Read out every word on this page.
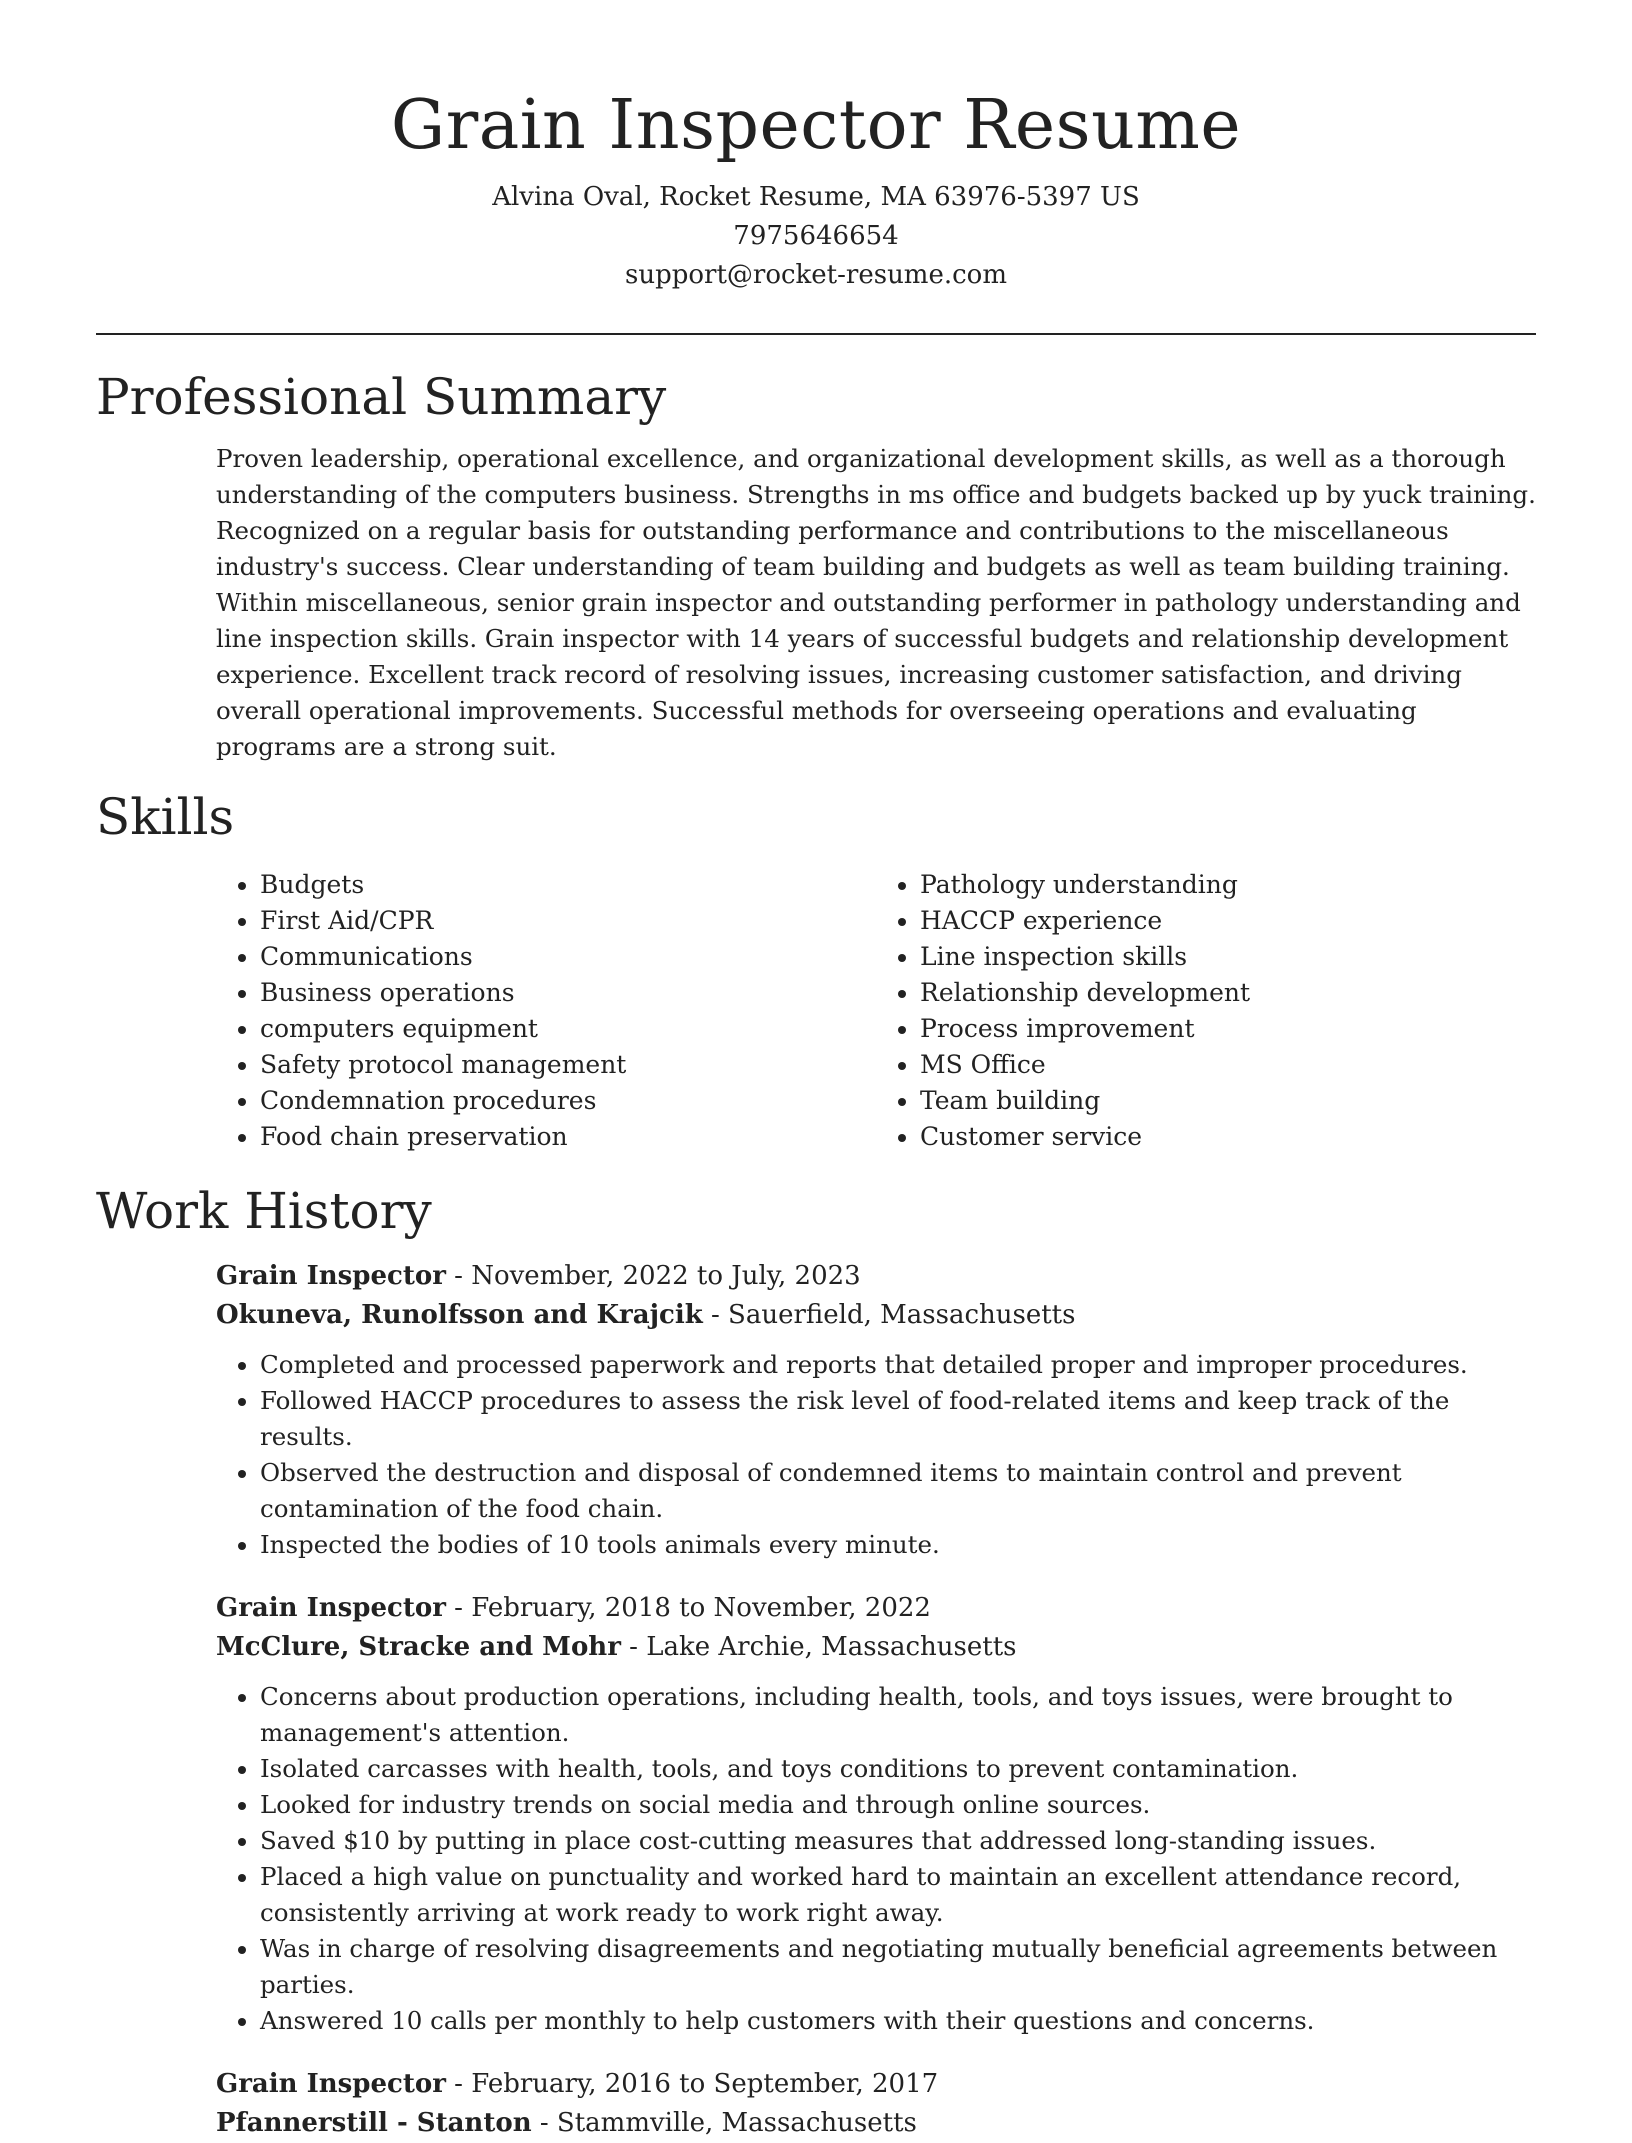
Grain Inspector Resume

Alvina Oval, Rocket Resume, MA 63976-5397 US

7975646654

support@rocket-resume.com

Professional Summary

Proven leadership, operational excellence, and organizational development skills, as well as a thorough understanding of the computers business. Strengths in ms office and budgets backed up by yuck training. Recognized on a regular basis for outstanding performance and contributions to the miscellaneous industry's success. Clear understanding of team building and budgets as well as team building training. Within miscellaneous, senior grain inspector and outstanding performer in pathology understanding and line inspection skills. Grain inspector with 14 years of successful budgets and relationship development experience. Excellent track record of resolving issues, increasing customer satisfaction, and driving overall operational improvements. Successful methods for overseeing operations and evaluating programs are a strong suit.

Skills
• Budgets
• First Aid/CPR
• Communications
• Business operations
• computers equipment
• Safety protocol management
• Condemnation procedures
• Food chain preservation
• Pathology understanding
• HACCP experience
• Line inspection skills
• Relationship development
• Process improvement
• MS Office
• Team building
• Customer service
Work History

Grain Inspector - November, 2022 to July, 2023

Okuneva, Runolfsson and Krajcik - Sauerfield, Massachusetts

• Completed and processed paperwork and reports that detailed proper and improper procedures.
• Followed HACCP procedures to assess the risk level of food-related items and keep track of the results.
• Observed the destruction and disposal of condemned items to maintain control and prevent contamination of the food chain.
• Inspected the bodies of 10 tools animals every minute.

Grain Inspector - February, 2018 to November, 2022

McClure, Stracke and Mohr - Lake Archie, Massachusetts

• Concerns about production operations, including health, tools, and toys issues, were brought to management's attention.
• Isolated carcasses with health, tools, and toys conditions to prevent contamination.
• Looked for industry trends on social media and through online sources.
• Saved $10 by putting in place cost-cutting measures that addressed long-standing issues.
• Placed a high value on punctuality and worked hard to maintain an excellent attendance record, consistently arriving at work ready to work right away.
• Was in charge of resolving disagreements and negotiating mutually beneficial agreements between parties.
• Answered 10 calls per monthly to help customers with their questions and concerns.

Grain Inspector - February, 2016 to September, 2017

Pfannerstill - Stanton - Stammville, Massachusetts
